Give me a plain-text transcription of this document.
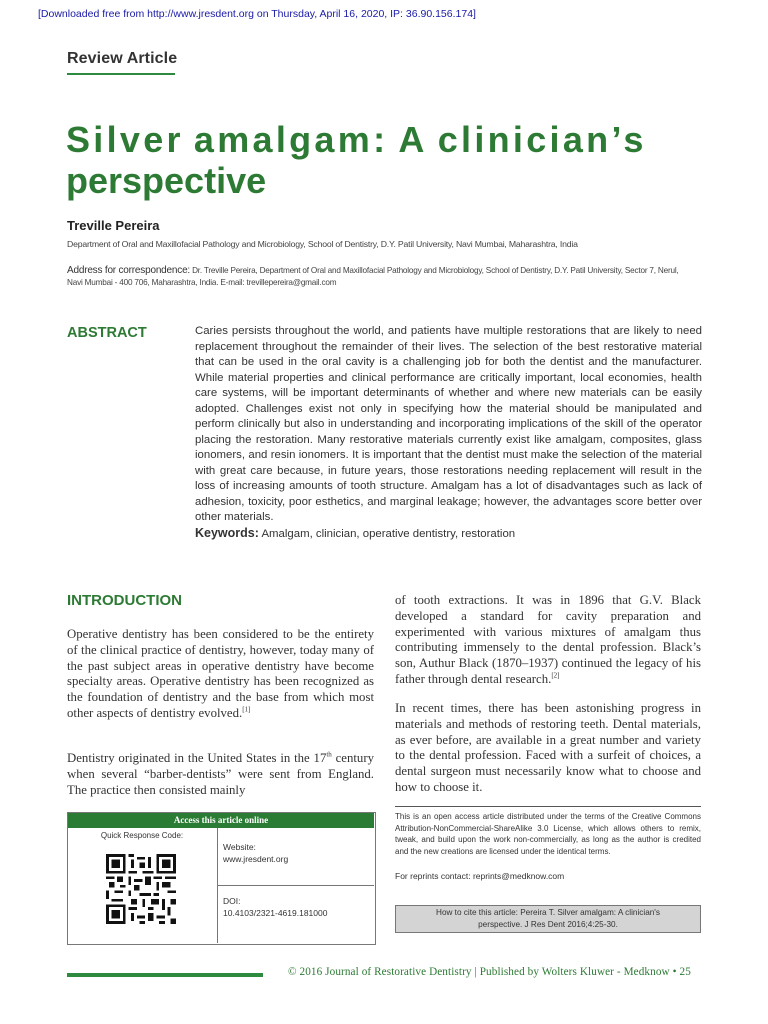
[Downloaded free from http://www.jresdent.org on Thursday, April 16, 2020, IP: 36.90.156.174]
Review Article
Silver amalgam: A clinician’s
perspective
Treville Pereira
Department of Oral and Maxillofacial Pathology and Microbiology, School of Dentistry, D.Y. Patil University, Navi Mumbai, Maharashtra, India
Address for correspondence: Dr. Treville Pereira, Department of Oral and Maxillofacial Pathology and Microbiology, School of Dentistry, D.Y. Patil University, Sector 7, Nerul,
Navi Mumbai - 400 706, Maharashtra, India. E-mail: trevillepereira@gmail.com
ABSTRACT	Caries persists throughout the world, and patients have multiple restorations that are likely to need replacement throughout the remainder of their lives. The selection of the best restorative material that can be used in the oral cavity is a challenging job for both the dentist and the manufacturer. While material properties and clinical performance are critically important, local economies, health care systems, will be important determinants of whether and where new materials can be easily adopted. Challenges exist not only in specifying how the material should be manipulated and perform clinically but also in understanding and incorporating implications of the skill of the operator placing the restoration. Many restorative materials currently exist like amalgam, composites, glass ionomers, and resin ionomers. It is important that the dentist must make the selection of the material with great care because, in future years, those restorations needing replacement will result in the loss of increasing amounts of tooth structure. Amalgam has a lot of disadvantages such as lack of adhesion, toxicity, poor esthetics, and marginal leakage; however, the advantages score better over other materials.
Keywords: Amalgam, clinician, operative dentistry, restoration
INTRODUCTION
Operative dentistry has been considered to be the entirety of the clinical practice of dentistry, however, today many of the past subject areas in operative dentistry have become specialty areas. Operative dentistry has been recognized as the foundation of dentistry and the base from which most other aspects of dentistry evolved.[1]
Dentistry originated in the United States in the 17th century when several “barber-dentists” were sent from England. The practice then consisted mainly
of tooth extractions. It was in 1896 that G.V. Black developed a standard for cavity preparation and experimented with various mixtures of amalgam thus contributing immensely to the dental profession. Black’s son, Authur Black (1870–1937) continued the legacy of his father through dental research.[2]
In recent times, there has been astonishing progress in materials and methods of restoring teeth. Dental materials, as ever before, are available in a great number and variety to the dental profession. Faced with a surfeit of choices, a dental surgeon must necessarily know what to choose and how to choose it.
Access this article online
Quick Response Code:
Website:
www.jresdent.org
DOI:
10.4103/2321-4619.181000
This is an open access article distributed under the terms of the Creative Commons Attribution-NonCommercial-ShareAlike 3.0 License, which allows others to remix, tweak, and build upon the work non-commercially, as long as the author is credited and the new creations are licensed under the identical terms.
For reprints contact: reprints@medknow.com
How to cite this article: Pereira T. Silver amalgam: A clinician's
perspective. J Res Dent 2016;4:25-30.
© 2016 Journal of Restorative Dentistry | Published by Wolters Kluwer - Medknow • 25
